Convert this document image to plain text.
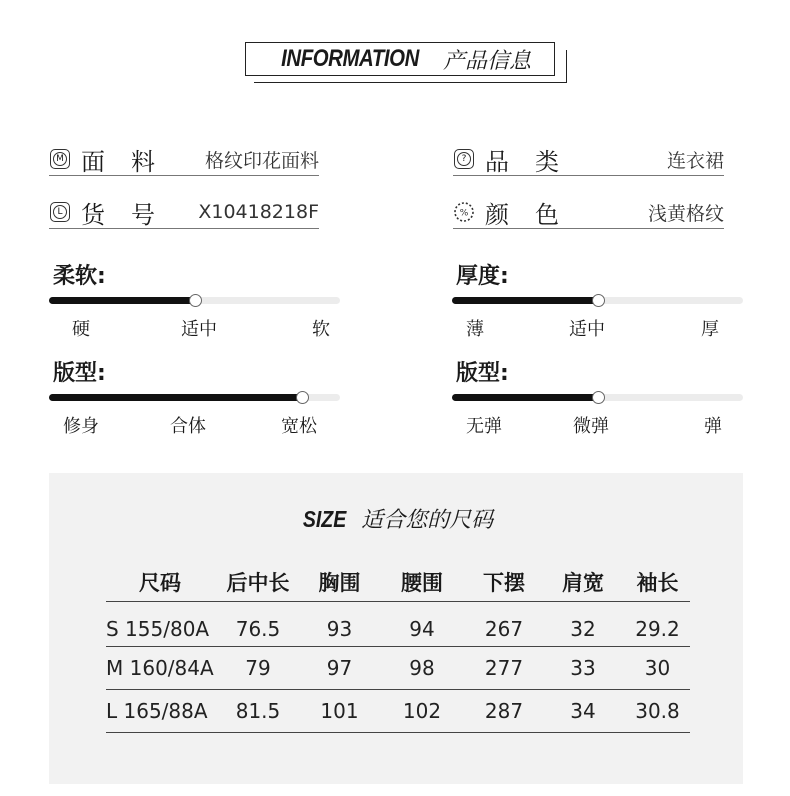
INFORMATION 产品信息
M 面料	格纹印花面料	? 品类	连衣裙
L 货号 X10418218F	% 颜色	浅黄格纹
柔软:
硬	适中	软
厚度:
薄	适中	厚
版型:
修身	合体	宽松
版型:
无弹	微弹	弹
SIZE 适合您的尺码
尺码	后中长	胸围	腰围	下摆	肩宽	袖长
S 155/80A	76.5	93	94	267	32	29.2
M 160/84A	79	97	98	277	33	30
L 165/88A	81.5	101	102	287	34	30.8
